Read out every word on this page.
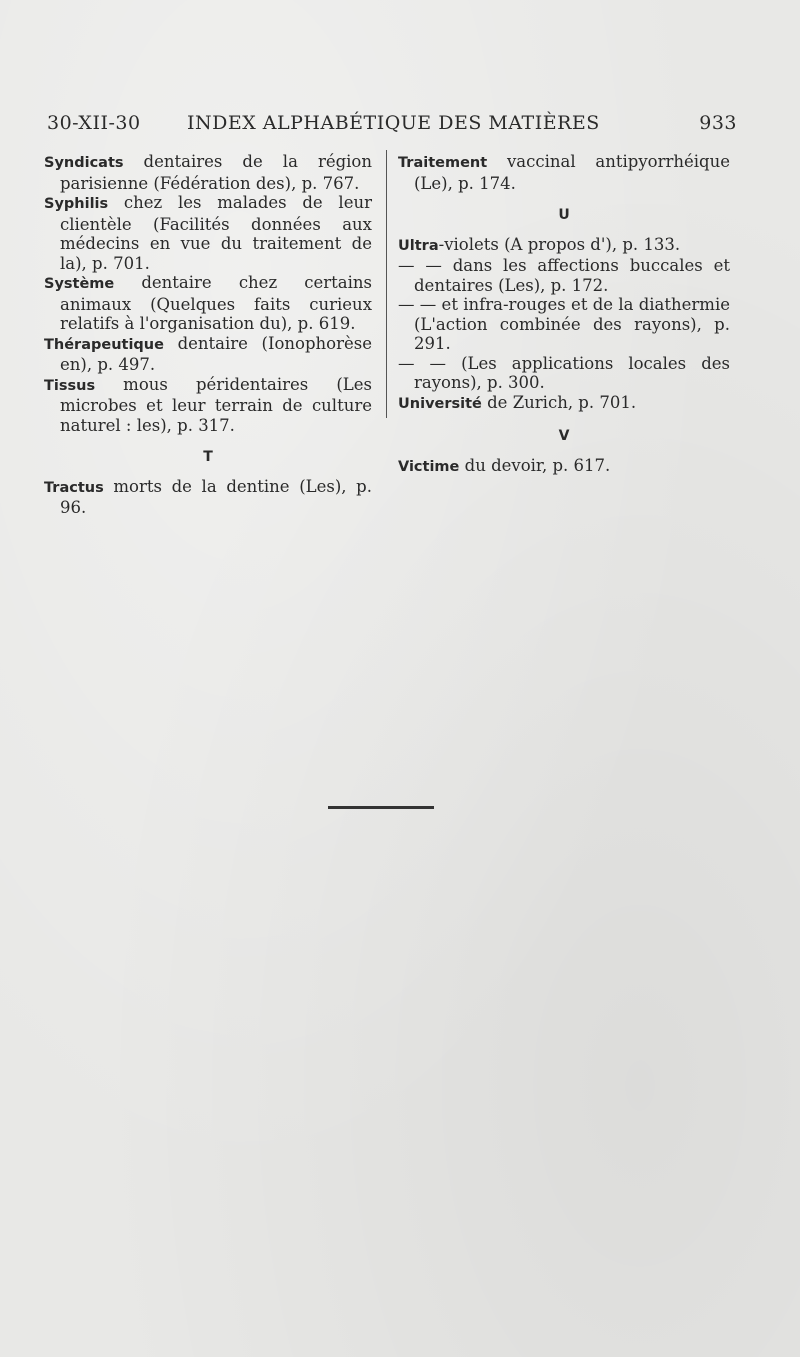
30-XII-30 INDEX ALPHABÉTIQUE DES MATIÈRES	933

Syndicats dentaires de la région parisienne (Fédération des), p. 767.

Syphilis chez les malades de leur clientèle (Facilités données aux médecins en vue du traitement de la), p. 701.

Système dentaire chez certains animaux (Quelques faits curieux relatifs à l'organisation du), p. 619.

Thérapeutique dentaire (Ionophorèse en), p. 497.

Tissus mous péridentaires (Les microbes et leur terrain de culture naturel : les), p. 317.

T

Tractus morts de la dentine (Les), p. 96.

Traitement vaccinal antipyorrhéique (Le), p. 174.

U

Ultra-violets (A propos d'), p. 133.

— — dans les affections buccales et dentaires (Les), p. 172.

— — et infra-rouges et de la diathermie (L'action combinée des rayons), p. 291.

— — (Les applications locales des rayons), p. 300.

Université de Zurich, p. 701.

V

Victime du devoir, p. 617.
